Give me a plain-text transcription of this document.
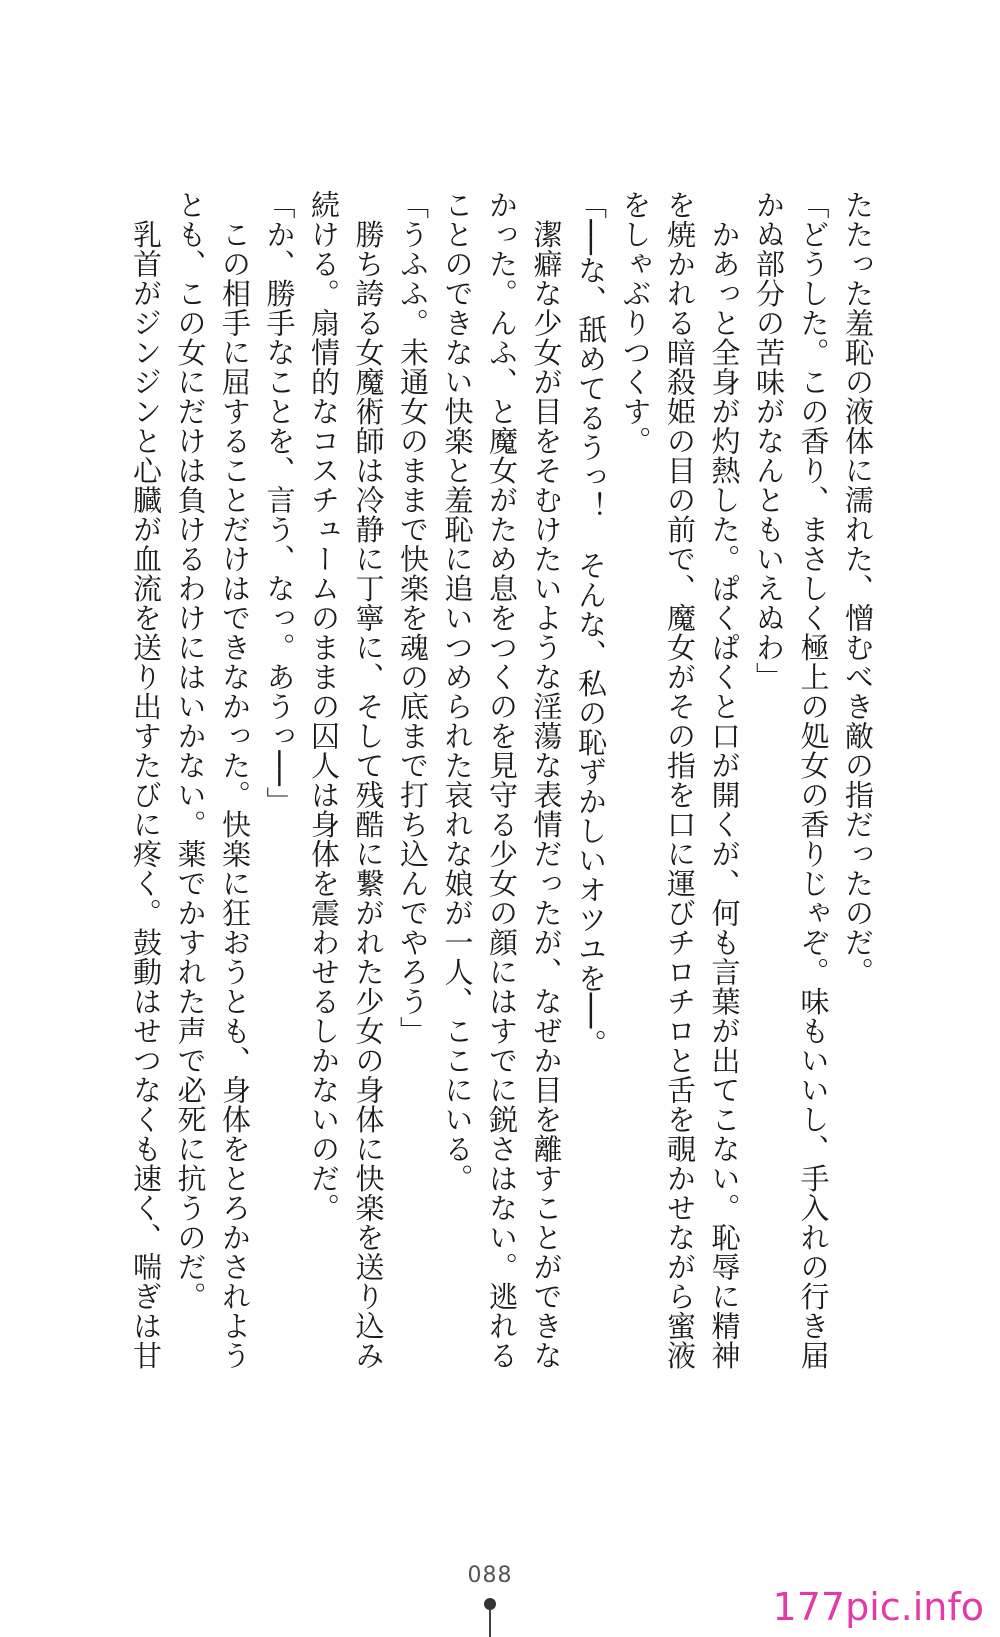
たたった羞恥の液体に濡れた、憎むべき敵の指だったのだ。
「どうした。この香り、まさしく極上の処女の香りじゃぞ。味もいいし、手入れの行き届
かぬ部分の苦味がなんともいえぬわ」
　かあっと全身が灼熱した。ぱくぱくと口が開くが、何も言葉が出てこない。恥辱に精神
を焼かれる暗殺姫の目の前で、魔女がその指を口に運びチロチロと舌を覗かせながら蜜液
をしゃぶりつくす。
「──な、舐めてるうっ！　そんな、私の恥ずかしいオツユを──。
　潔癖な少女が目をそむけたいような淫蕩な表情だったが、なぜか目を離すことができな
かった。んふ、と魔女がため息をつくのを見守る少女の顔にはすでに鋭さはない。逃れる
ことのできない快楽と羞恥に追いつめられた哀れな娘が一人、ここにいる。
「うふふ。未通女のままで快楽を魂の底まで打ち込んでやろう」
　勝ち誇る女魔術師は冷静に丁寧に、そして残酷に繋がれた少女の身体に快楽を送り込み
続ける。扇情的なコスチュームのままの囚人は身体を震わせるしかないのだ。
「か、勝手なことを、言う、なっ。あうっ──」
　この相手に屈することだけはできなかった。快楽に狂おうとも、身体をとろかされよう
とも、この女にだけは負けるわけにはいかない。薬でかすれた声で必死に抗うのだ。
　乳首がジンジンと心臓が血流を送り出すたびに疼く。鼓動はせつなくも速く、喘ぎは甘
088
177pic.info
